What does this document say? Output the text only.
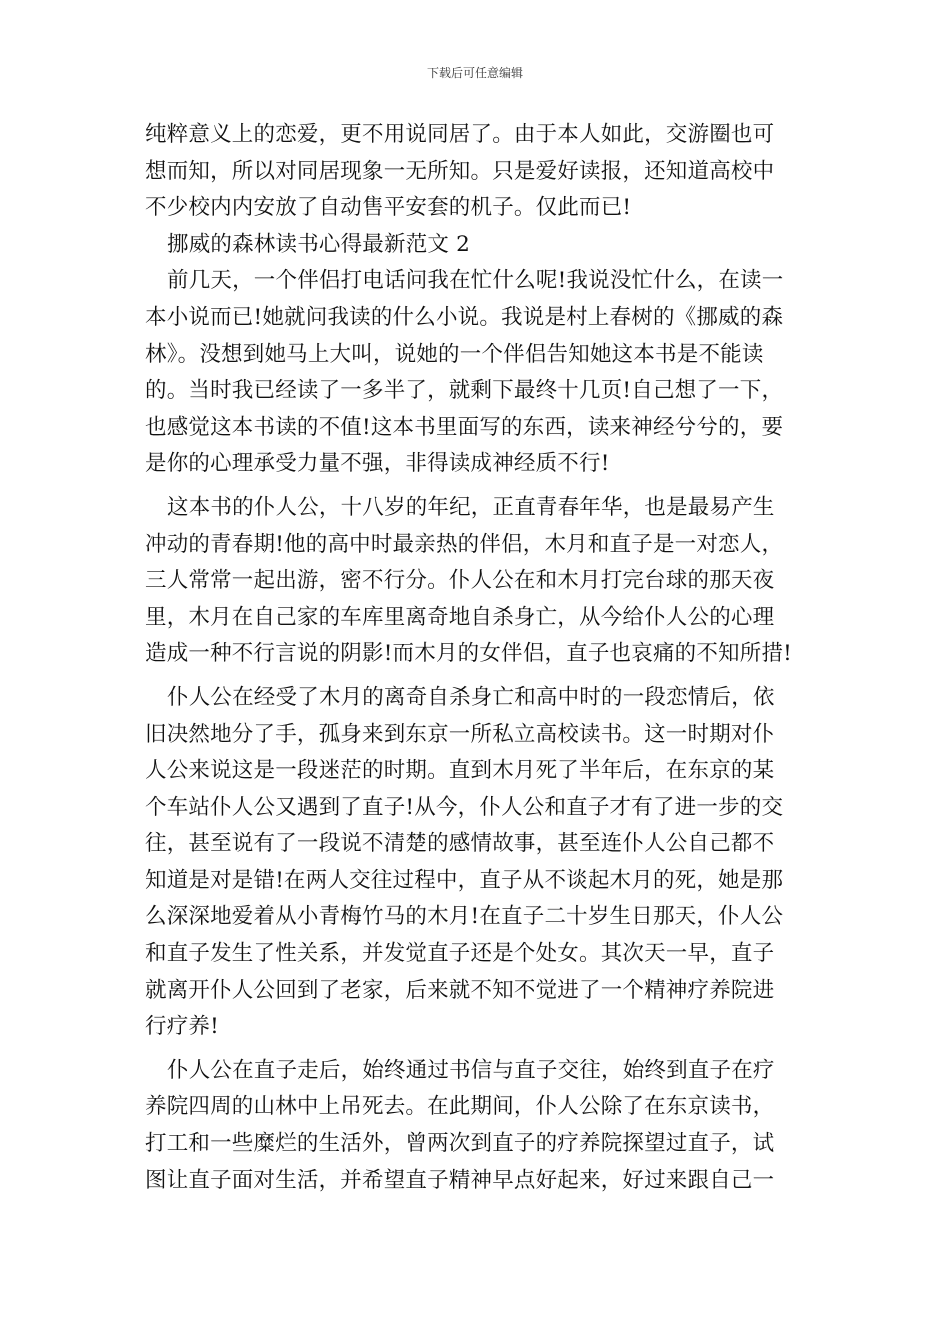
下载后可任意编辑
纯粹意义上的恋爱，更不用说同居了。由于本人如此，交游圈也可
想而知，所以对同居现象一无所知。只是爱好读报，还知道高校中
不少校内内安放了自动售平安套的机子。仅此而已!
挪威的森林读书心得最新范文 2
前几天，一个伴侣打电话问我在忙什么呢!我说没忙什么，在读一
本小说而已!她就问我读的什么小说。我说是村上春树的《挪威的森
林》。没想到她马上大叫，说她的一个伴侣告知她这本书是不能读
的。当时我已经读了一多半了，就剩下最终十几页!自己想了一下，
也感觉这本书读的不值!这本书里面写的东西，读来神经兮兮的，要
是你的心理承受力量不强，非得读成神经质不行!
这本书的仆人公，十八岁的年纪，正直青春年华，也是最易产生
冲动的青春期!他的高中时最亲热的伴侣，木月和直子是一对恋人，
三人常常一起出游，密不行分。仆人公在和木月打完台球的那天夜
里，木月在自己家的车库里离奇地自杀身亡，从今给仆人公的心理
造成一种不行言说的阴影!而木月的女伴侣，直子也哀痛的不知所措!
仆人公在经受了木月的离奇自杀身亡和高中时的一段恋情后，依
旧决然地分了手，孤身来到东京一所私立高校读书。这一时期对仆
人公来说这是一段迷茫的时期。直到木月死了半年后，在东京的某
个车站仆人公又遇到了直子!从今，仆人公和直子才有了进一步的交
往，甚至说有了一段说不清楚的感情故事，甚至连仆人公自己都不
知道是对是错!在两人交往过程中，直子从不谈起木月的死，她是那
么深深地爱着从小青梅竹马的木月!在直子二十岁生日那天，仆人公
和直子发生了性关系，并发觉直子还是个处女。其次天一早，直子
就离开仆人公回到了老家，后来就不知不觉进了一个精神疗养院进
行疗养!
仆人公在直子走后，始终通过书信与直子交往，始终到直子在疗
养院四周的山林中上吊死去。在此期间，仆人公除了在东京读书，
打工和一些糜烂的生活外，曾两次到直子的疗养院探望过直子，试
图让直子面对生活，并希望直子精神早点好起来，好过来跟自己一
